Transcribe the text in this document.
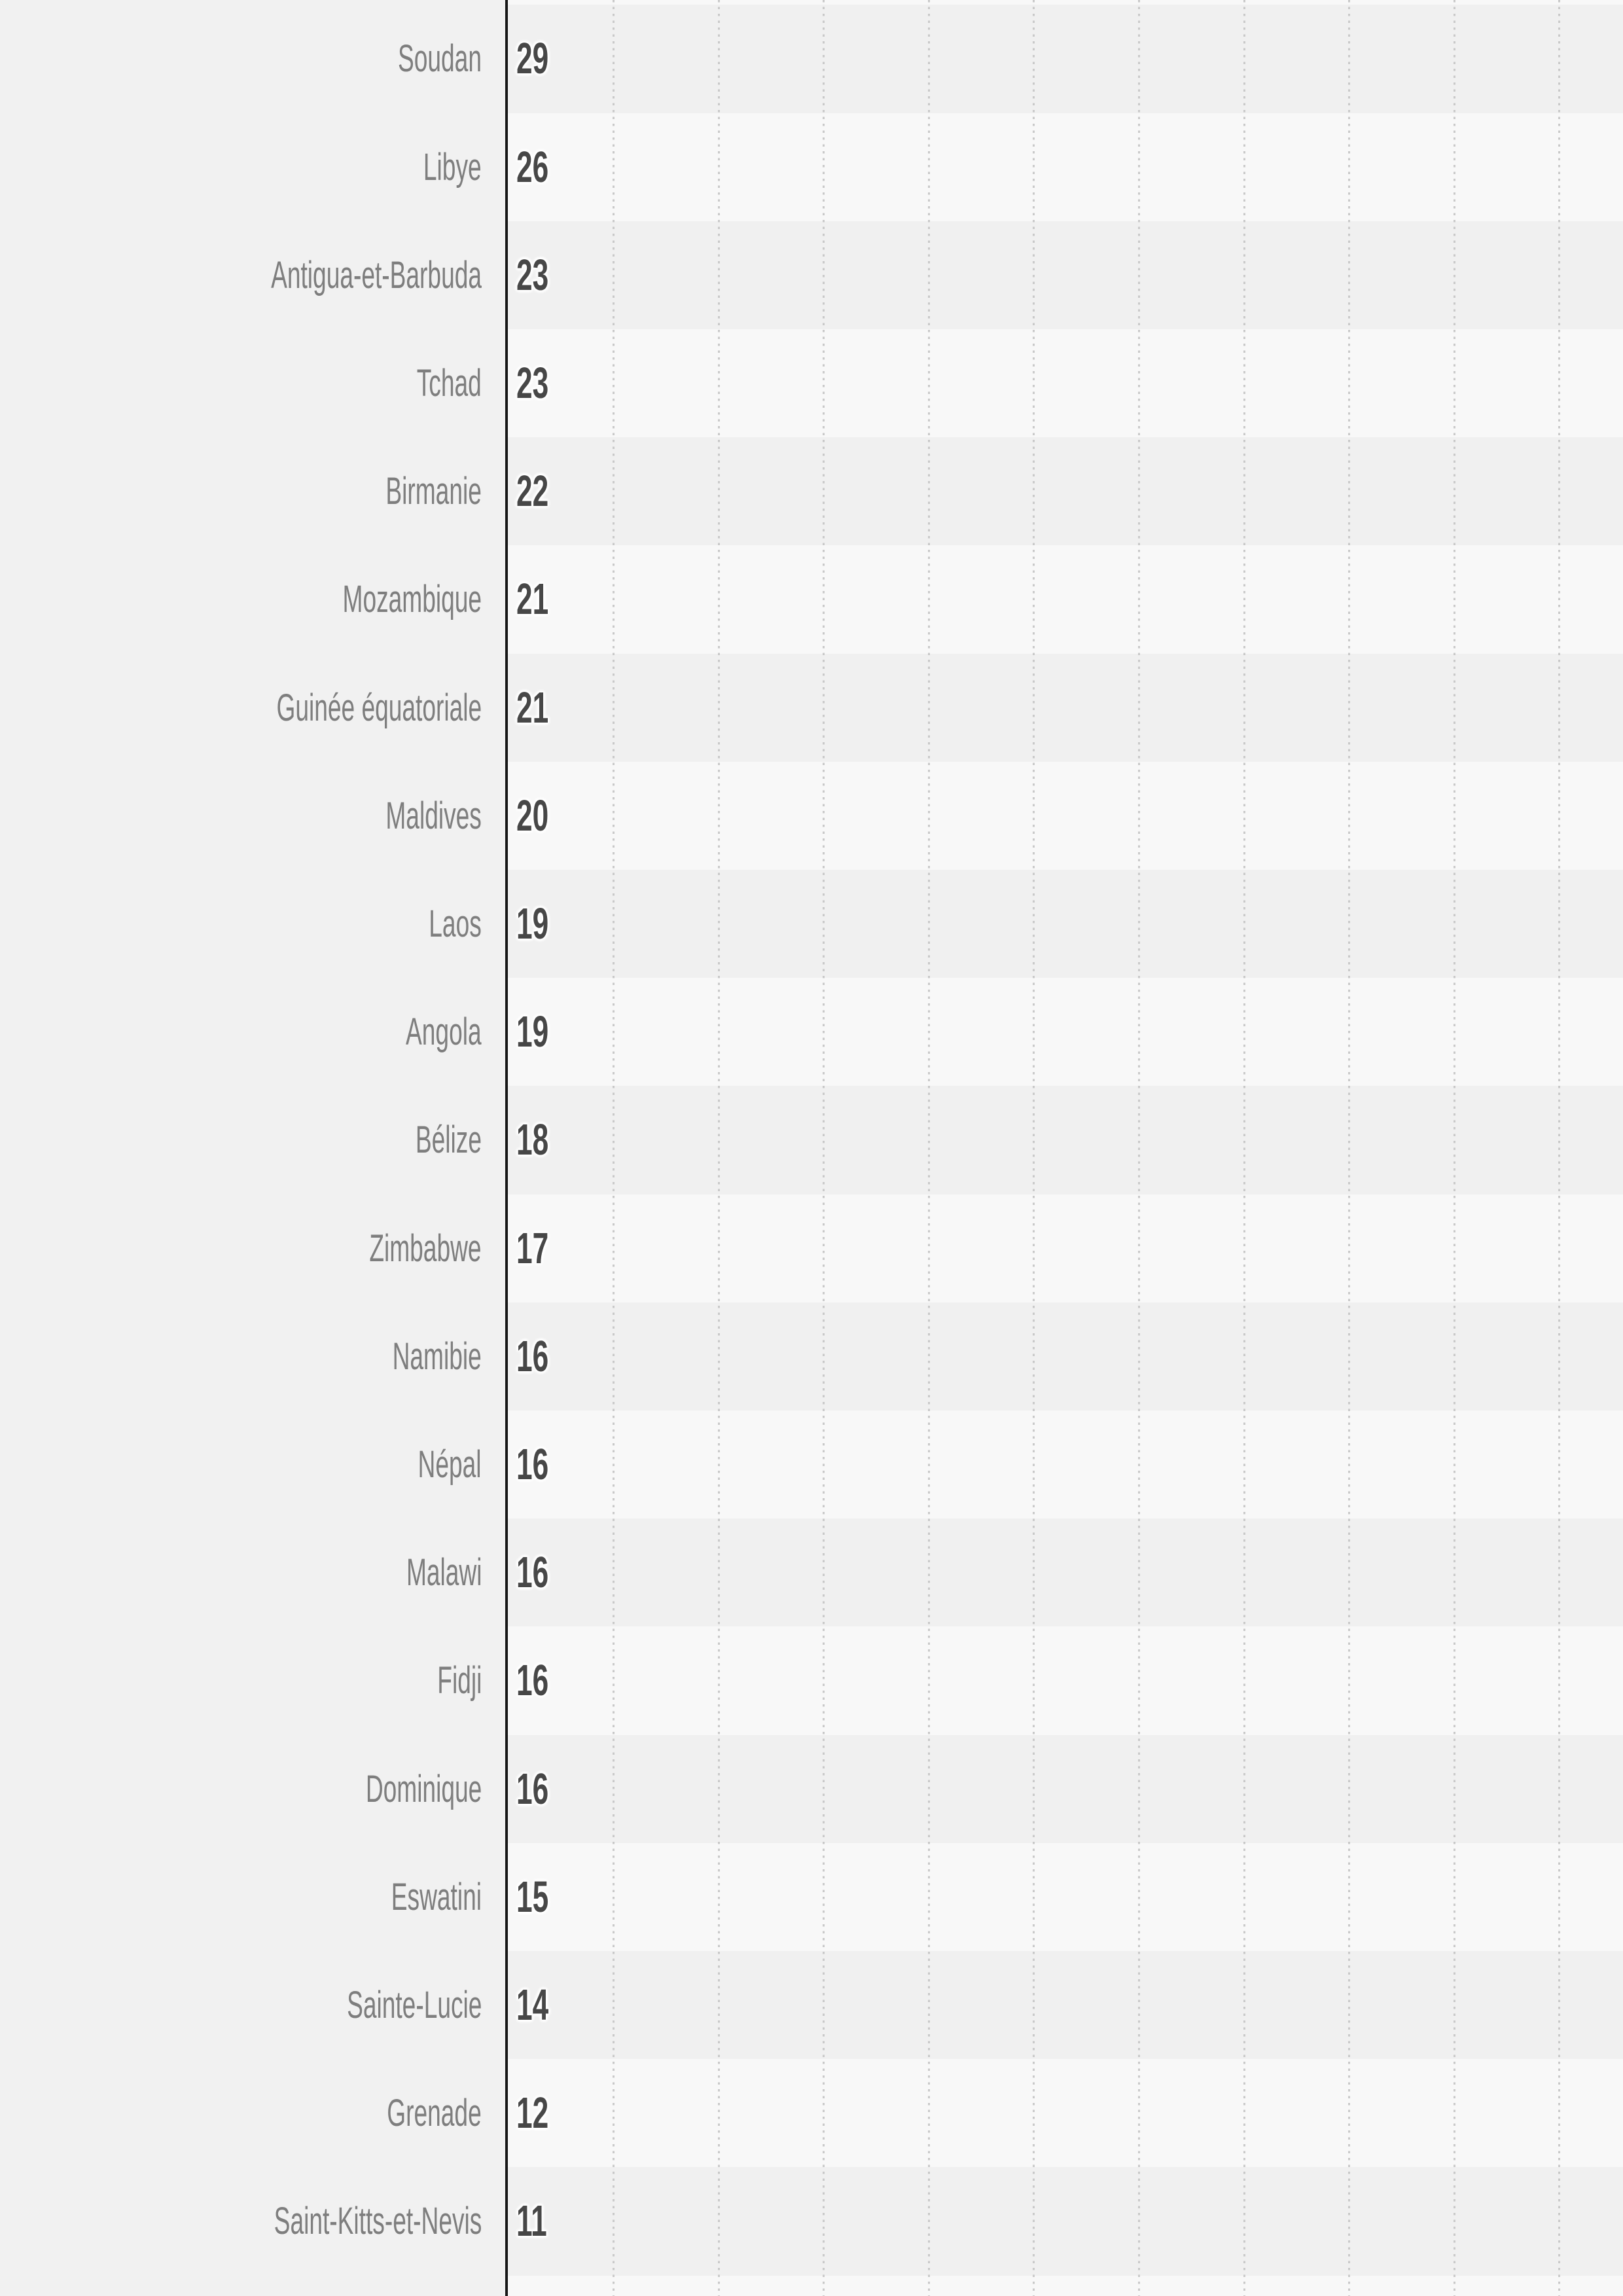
Soudan 29
Libye 26
Antigua-et-Barbuda 23
Tchad 23
Birmanie 22
Mozambique 21
Guinée équatoriale 21
Maldives 20
Laos 19
Angola 19
Bélize 18
Zimbabwe 17
Namibie 16
Népal 16
Malawi 16
Fidji 16
Dominique 16
Eswatini 15
Sainte-Lucie 14
Grenade 12
Saint-Kitts-et-Nevis 11
